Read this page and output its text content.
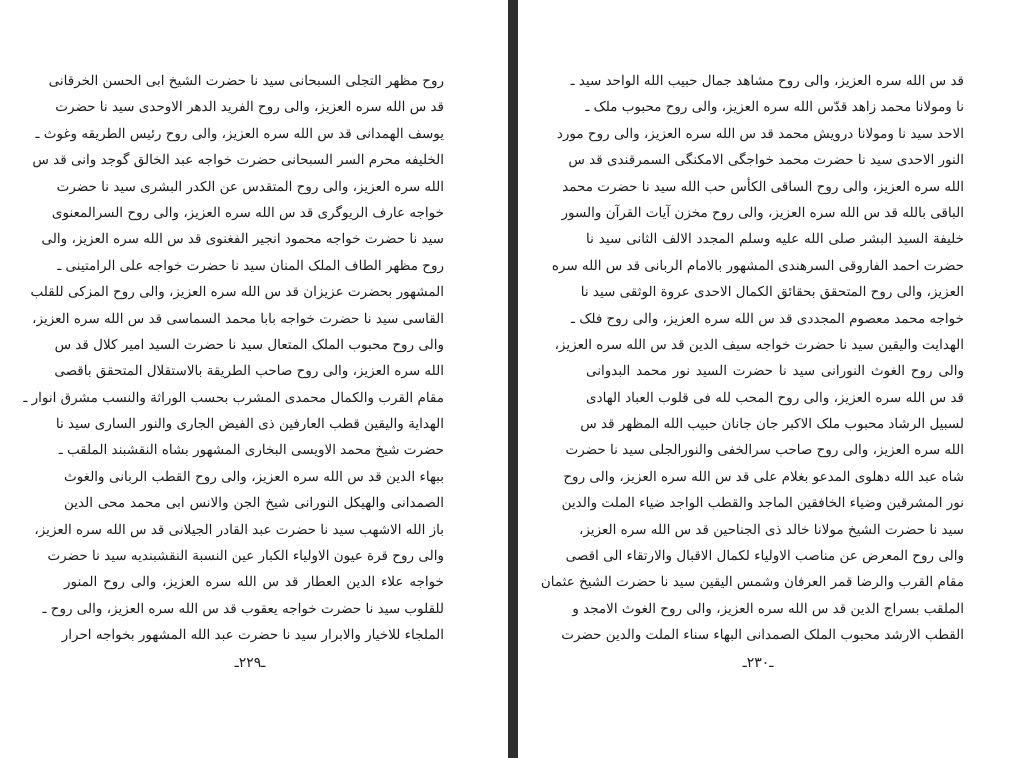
روح مظهر التجلی السبحانی سید نا حضرت الشیخ ابی الحسن الخرقانی
قد س الله سره العزیز، والی روح الفرید الدهر الاوحدی سید نا حضرت
یوسف الهمدانی قد س الله سره العزیز، والی روح رئیس الطریقه وغوث ـ
الخلیفه محرم السر السبحانی حضرت خواجه عبد الخالق گوجد وانی قد س
الله سره العزیز، والی روح المتقدس عن الکدر البشری سید نا حضرت
خواجه عارف الریوگری قد س الله سره العزیز، والی روح السرالمعنوی
سید نا حضرت خواجه محمود انجیر الفغنوی قد س الله سره العزیز، والی
روح مظهر الطاف الملک المنان سید نا حضرت خواجه علی الرامتینی ـ
المشهور بحضرت عزیزان قد س الله سره العزیز، والی روح المزکی للقلب
القاسی سید نا حضرت خواجه بابا محمد السماسی قد س الله سره العزیز،
والی روح محبوب الملک المتعال سید نا حضرت السید امیر کلال قد س
الله سره العزیز، والی روح صاحب الطریقة بالاستقلال المتحقق باقصی
مقام القرب والکمال محمدی المشرب بحسب الوراثة والنسب مشرق انوار ـ
الهدایة والیقین قطب العارفین ذی الفیض الجاری والنور الساری سید نا
حضرت شیخ محمد الاویسی البخاری المشهور بشاه النقشبند الملقب ـ
ببهاء الدین قد س الله سره العزیز، والی روح القطب الربانی والغوث
الصمدانی والهیکل النورانی شیخ الجن والانس ابی محمد محی الدین
باز الله الاشهب سید نا حضرت عبد القادر الجیلانی قد س الله سره العزیز،
والی روح قرة عیون الاولیاء الکبار عین النسبة النقشبندیه سید نا حضرت
خواجه علاء الدین العطار قد س الله سره العزیز، والی روح المنور
للقلوب سید نا حضرت خواجه یعقوب قد س الله سره العزیز، والی روح ـ
الملجاء للاخیار والابرار سید نا حضرت عبد الله المشهور بخواجه احرار
ـ۲۲۹ـ
قد س الله سره العزیز، والی روح مشاهد جمال حبیب الله الواحد سید ـ
نا ومولانا محمد زاهد قدّس الله سره العزیز، والی روح محبوب ملک ـ
الاحد سید نا ومولانا درویش محمد قد س الله سره العزیز، والی روح مورد
النور الاحدی سید نا حضرت محمد خواجگی الامکنگی السمرقندی قد س
الله سره العزیز، والی روح الساقی الکأس حب الله سید نا حضرت محمد
الباقی بالله قد س الله سره العزیز، والی روح مخزن آیات القرآن والسور
خلیفة السید البشر صلی الله علیه وسلم المجدد الالف الثانی سید نا
حضرت احمد الفاروقی السرهندی المشهور بالامام الربانی قد س الله سره
العزیز، والی روح المتحقق بحقائق الکمال الاحدی عروة الوثقی سید نا
خواجه محمد معصوم المجددی قد س الله سره العزیز، والی روح فلک ـ
الهدایت والیقین سید نا حضرت خواجه سیف الدین قد س الله سره العزیز،
والی روح الغوث النورانی سید نا حضرت السید نور محمد البدوانی
قد س الله سره العزیز، والی روح المحب لله فی قلوب العباد الهادی
لسبیل الرشاد محبوب ملک الاکبر جان جانان حبیب الله المظهر قد س
الله سره العزیز، والی روح صاحب سرالخفی والنورالجلی سید نا حضرت
شاه عبد الله دهلوی المدعو بغلام علی قد س الله سره العزیز، والی روح
نور المشرقین وضیاء الخافقین الماجد والقطب الواجد ضیاء الملت والدین
سید نا حضرت الشیخ مولانا خالد ذی الجناحین قد س الله سره العزیز،
والی روح المعرض عن مناصب الاولیاء لکمال الاقبال والارتقاء الی اقصی
مقام القرب والرضا قمر العرفان وشمس الیقین سید نا حضرت الشیخ عثمان
الملقب بسراج الدین قد س الله سره العزیز، والی روح الغوث الامجد و
القطب الارشد محبوب الملک الصمدانی البهاء سناء الملت والدین حضرت
ـ۲۳۰ـ
